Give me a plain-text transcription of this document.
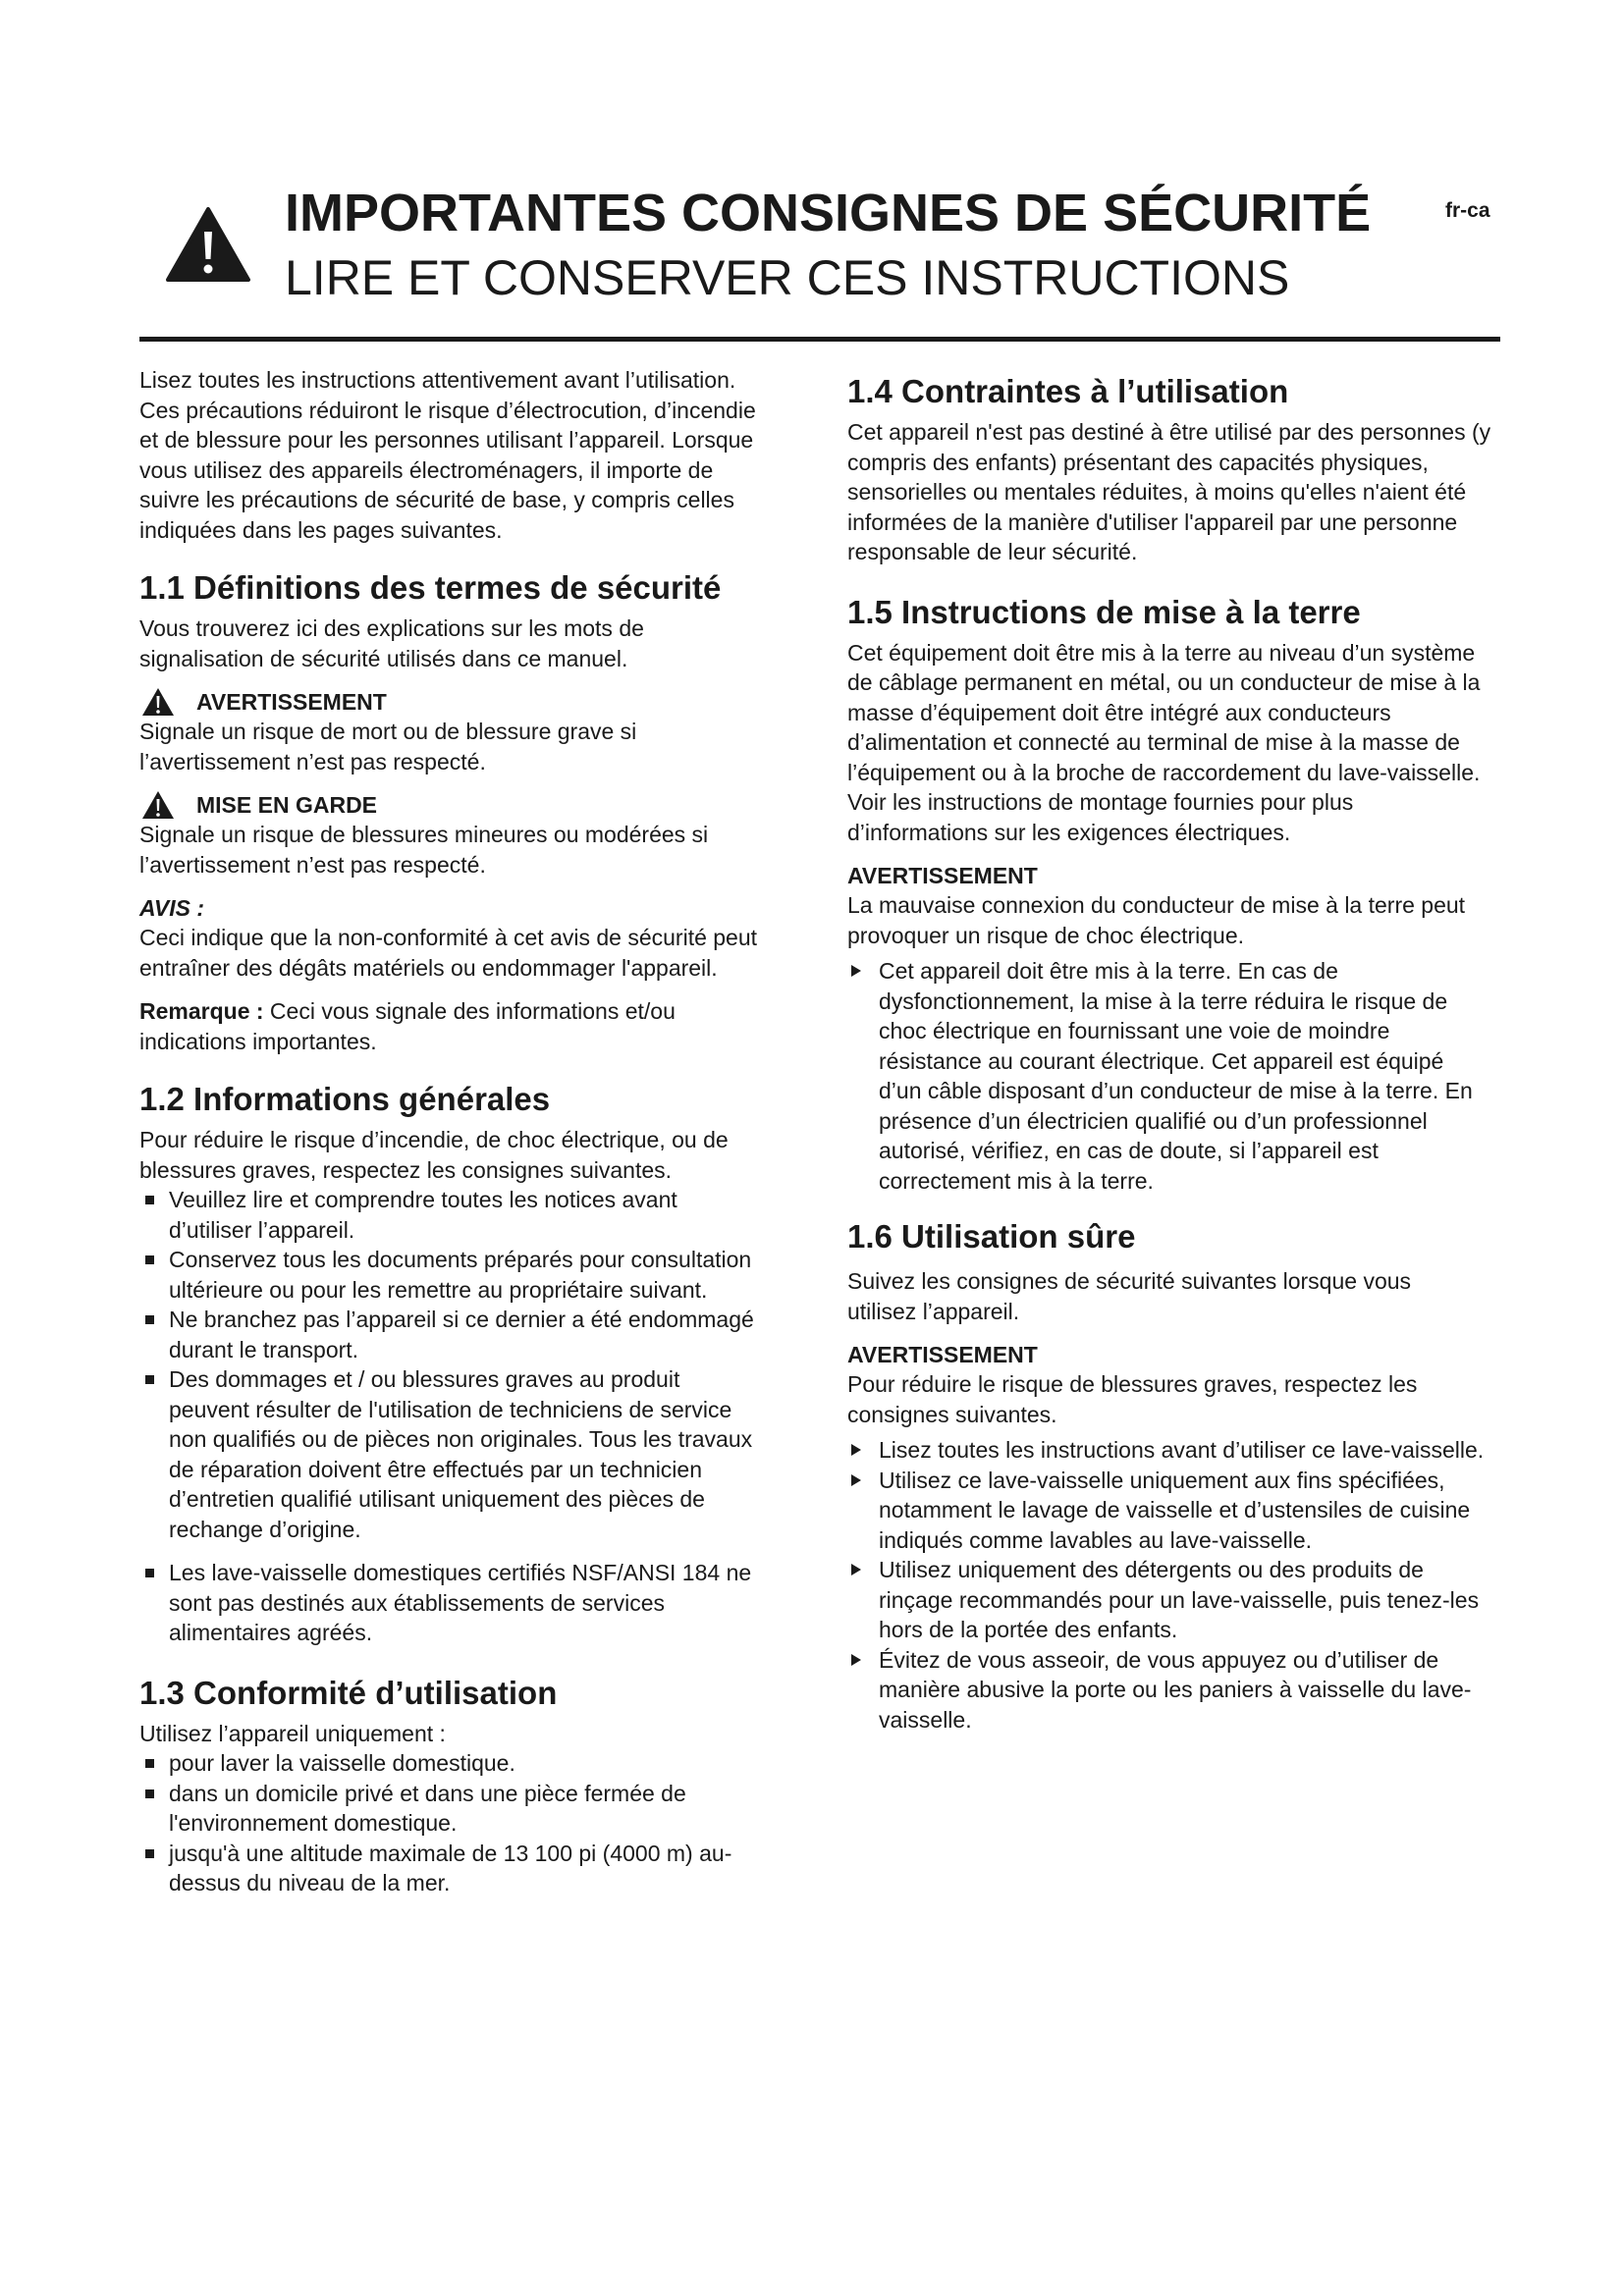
IMPORTANTES CONSIGNES DE SÉCURITÉ
LIRE ET CONSERVER CES INSTRUCTIONS
fr-ca

Lisez toutes les instructions attentivement avant l’utilisation. Ces précautions réduiront le risque d’électrocution, d’incendie et de blessure pour les personnes utilisant l’appareil. Lorsque vous utilisez des appareils électroménagers, il importe de suivre les précautions de sécurité de base, y compris celles indiquées dans les pages suivantes.

1.1 Définitions des termes de sécurité

Vous trouverez ici des explications sur les mots de signalisation de sécurité utilisés dans ce manuel.

AVERTISSEMENT

Signale un risque de mort ou de blessure grave si l’avertissement n’est pas respecté.

MISE EN GARDE

Signale un risque de blessures mineures ou modérées si l’avertissement n’est pas respecté.

AVIS :

Ceci indique que la non-conformité à cet avis de sécurité peut entraîner des dégâts matériels ou endommager l'appareil.

Remarque : Ceci vous signale des informations et/ou indications importantes.

1.2 Informations générales

Pour réduire le risque d’incendie, de choc électrique, ou de blessures graves, respectez les consignes suivantes.

Veuillez lire et comprendre toutes les notices avant d’utiliser l’appareil.
Conservez tous les documents préparés pour consultation ultérieure ou pour les remettre au propriétaire suivant.
Ne branchez pas l’appareil si ce dernier a été endommagé durant le transport.
Des dommages et / ou blessures graves au produit peuvent résulter de l'utilisation de techniciens de service non qualifiés ou de pièces non originales. Tous les travaux de réparation doivent être effectués par un technicien d’entretien qualifié utilisant uniquement des pièces de rechange d’origine.
Les lave-vaisselle domestiques certifiés NSF/ANSI 184 ne sont pas destinés aux établissements de services alimentaires agréés.
1.3 Conformité d’utilisation

Utilisez l’appareil uniquement :

pour laver la vaisselle domestique.
dans un domicile privé et dans une pièce fermée de l'environnement domestique.
jusqu'à une altitude maximale de 13 100 pi (4000 m) au-dessus du niveau de la mer.
1.4 Contraintes à l’utilisation

Cet appareil n'est pas destiné à être utilisé par des personnes (y compris des enfants) présentant des capacités physiques, sensorielles ou mentales réduites, à moins qu'elles n'aient été informées de la manière d'utiliser l'appareil par une personne responsable de leur sécurité.

1.5 Instructions de mise à la terre

Cet équipement doit être mis à la terre au niveau d’un système de câblage permanent en métal, ou un conducteur de mise à la masse d’équipement doit être intégré aux conducteurs d’alimentation et connecté au terminal de mise à la masse de l’équipement ou à la broche de raccordement du lave-vaisselle. Voir les instructions de montage fournies pour plus d’informations sur les exigences électriques.

AVERTISSEMENT

La mauvaise connexion du conducteur de mise à la terre peut provoquer un risque de choc électrique.

Cet appareil doit être mis à la terre. En cas de dysfonctionnement, la mise à la terre réduira le risque de choc électrique en fournissant une voie de moindre résistance au courant électrique. Cet appareil est équipé d’un câble disposant d’un conducteur de mise à la terre. En présence d’un électricien qualifié ou d’un professionnel autorisé, vérifiez, en cas de doute, si l’appareil est correctement mis à la terre.
1.6 Utilisation sûre

Suivez les consignes de sécurité suivantes lorsque vous utilisez l’appareil.

AVERTISSEMENT

Pour réduire le risque de blessures graves, respectez les consignes suivantes.

Lisez toutes les instructions avant d’utiliser ce lave-vaisselle.
Utilisez ce lave-vaisselle uniquement aux fins spécifiées, notamment le lavage de vaisselle et d’ustensiles de cuisine indiqués comme lavables au lave-vaisselle.
Utilisez uniquement des détergents ou des produits de rinçage recommandés pour un lave-vaisselle, puis tenez-les hors de la portée des enfants.
Évitez de vous asseoir, de vous appuyez ou d’utiliser de manière abusive la porte ou les paniers à vaisselle du lave-vaisselle.
